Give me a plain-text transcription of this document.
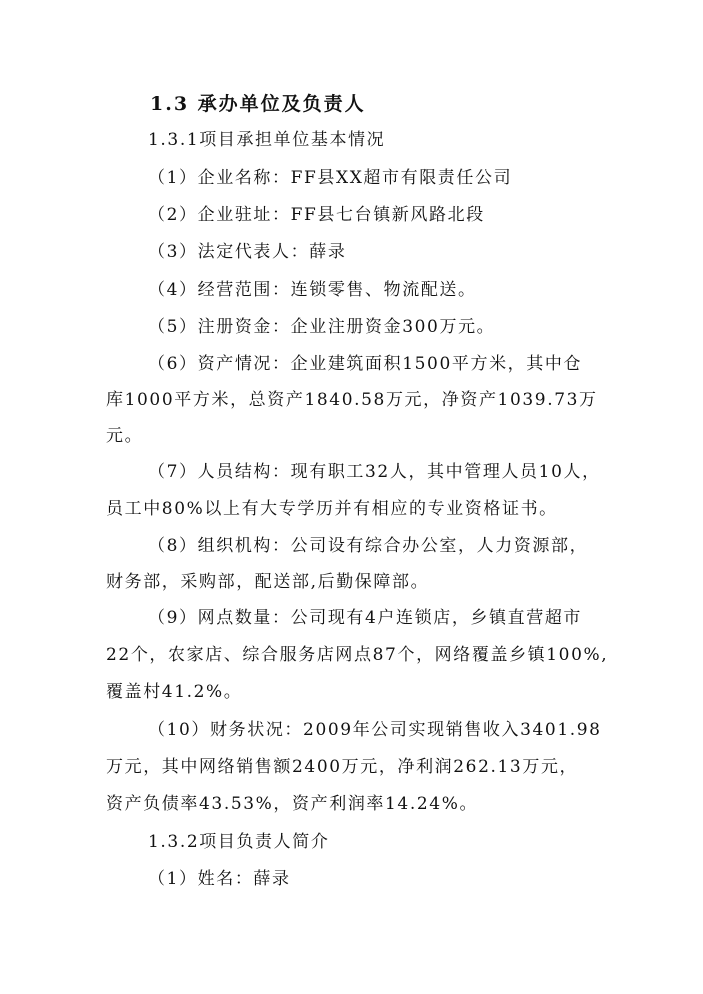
1.3 承办单位及负责人
1.3.1项目承担单位基本情况
（1）企业名称：FF县XX超市有限责任公司
（2）企业驻址：FF县七台镇新风路北段
（3）法定代表人：薛录
（4）经营范围：连锁零售、物流配送。
（5）注册资金：企业注册资金300万元。
（6）资产情况：企业建筑面积1500平方米，其中仓
库1000平方米，总资产1840.58万元，净资产1039.73万
元。
（7）人员结构：现有职工32人，其中管理人员10人，
员工中80%以上有大专学历并有相应的专业资格证书。
（8）组织机构：公司设有综合办公室，人力资源部，
财务部，采购部，配送部,后勤保障部。
（9）网点数量：公司现有4户连锁店，乡镇直营超市
22个，农家店、综合服务店网点87个，网络覆盖乡镇100%,
覆盖村41.2%。
（10）财务状况：2009年公司实现销售收入3401.98
万元，其中网络销售额2400万元，净利润262.13万元，
资产负债率43.53%，资产利润率14.24%。
1.3.2项目负责人简介
（1）姓名：薛录
